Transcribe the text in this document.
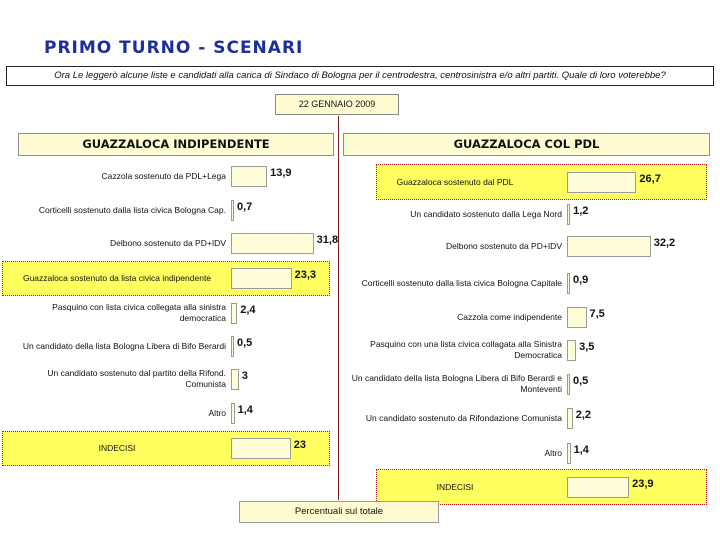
PRIMO TURNO - SCENARI
Ora Le leggerò alcune liste e candidati alla carica di Sindaco di Bologna per il centrodestra, centrosinistra e/o altri partiti. Quale di loro voterebbe?
22 GENNAIO 2009
GUAZZALOCA INDIPENDENTE	GUAZZALOCA COL PDL
Cazzola sostenuto da PDL+Lega	13,9
Corticelli sostenuto dalla lista civica Bologna Cap. 0,7
Delbono sostenuto da PD+IDV	31,8
Guazzaloca sostenuto da lista civica indipendente	23,3
Pasquino con lista civica collegata alla sinistra democratica
2,4
Un candidato della lista Bologna Libera di Bifo Berardi 0,5
Un candidato sostenuto dal partito della Rifond. Comunista
3
Altro 1,4
INDECISI	23
Guazzaloca sostenuto dal PDL	26,7
Un candidato sostenuto dalla Lega Nord 1,2
Delbono sostenuto da PD+IDV	32,2
Corticelli sostenuto dalla lista civica Bologna Capitale 0,9
Cazzola come indipendente	7,5
Pasquino con una lista civica collagata alla Sinistra Democratica
3,5
Un candidato della lista Bologna Libera di Bifo Berardi e Monteventi
0,5
Un candidato sostenuto da Rifondazione Comunista 2,2
Altro 1,4
INDECISI	23,9
Percentuali sul totale
